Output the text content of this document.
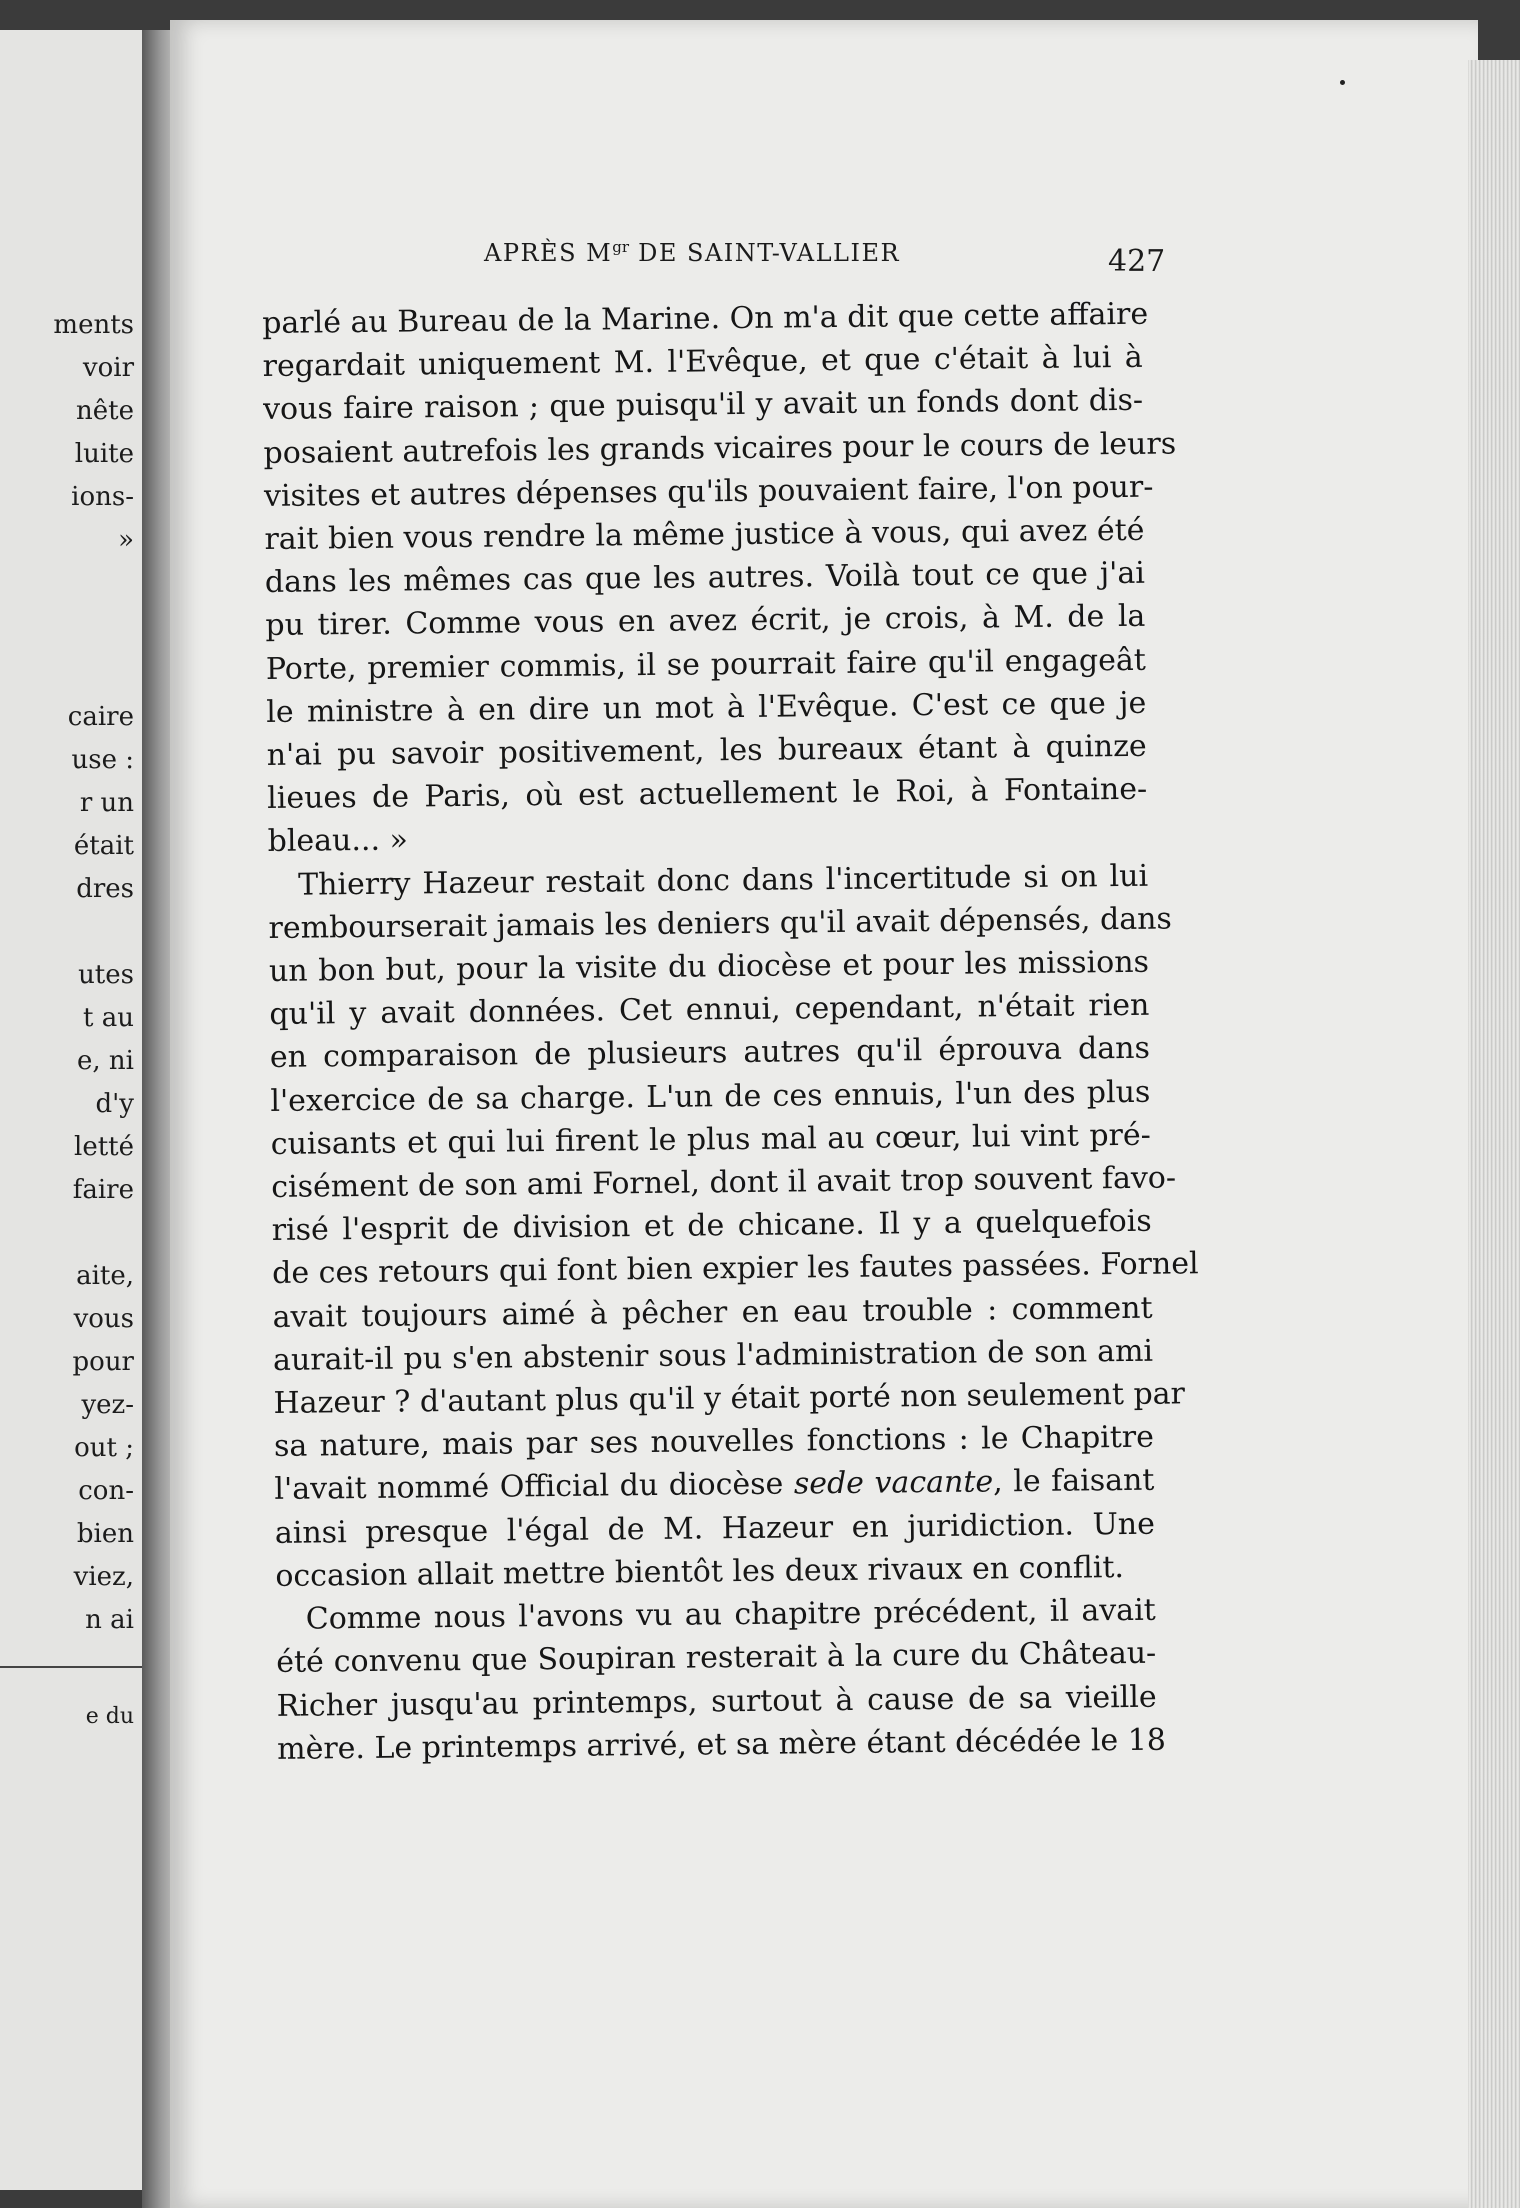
ments
voir
nête
luite
ions-
»
caire
use :
r un
était
dres
utes
t au
e, ni
d'y
letté
faire
aite,
vous
pour
yez-
out ;
con-
bien
viez,
n ai
e du
APRÈS $M^{gr}$ DE SAINT-VALLIER	427
parlé au Bureau de la Marine. On m'a dit que cette affaire
regardait uniquement M. l'Evêque, et que c'était à lui à
vous faire raison ; que puisqu'il y avait un fonds dont dis-
posaient autrefois les grands vicaires pour le cours de leurs
visites et autres dépenses qu'ils pouvaient faire, l'on pour-
rait bien vous rendre la même justice à vous, qui avez été
dans les mêmes cas que les autres. Voilà tout ce que j'ai
pu tirer. Comme vous en avez écrit, je crois, à M. de la
Porte, premier commis, il se pourrait faire qu'il engageât
le ministre à en dire un mot à l'Evêque. C'est ce que je
n'ai pu savoir positivement, les bureaux étant à quinze
lieues de Paris, où est actuellement le Roi, à Fontaine-
bleau... »
Thierry Hazeur restait donc dans l'incertitude si on lui
rembourserait jamais les deniers qu'il avait dépensés, dans
un bon but, pour la visite du diocèse et pour les missions
qu'il y avait données. Cet ennui, cependant, n'était rien
en comparaison de plusieurs autres qu'il éprouva dans
l'exercice de sa charge. L'un de ces ennuis, l'un des plus
cuisants et qui lui firent le plus mal au cœur, lui vint pré-
cisément de son ami Fornel, dont il avait trop souvent favo-
risé l'esprit de division et de chicane. Il y a quelquefois
de ces retours qui font bien expier les fautes passées. Fornel
avait toujours aimé à pêcher en eau trouble : comment
aurait-il pu s'en abstenir sous l'administration de son ami
Hazeur ? d'autant plus qu'il y était porté non seulement par
sa nature, mais par ses nouvelles fonctions : le Chapitre
l'avait nommé Official du diocèse sede vacante, le faisant
ainsi presque l'égal de M. Hazeur en juridiction. Une
occasion allait mettre bientôt les deux rivaux en conflit.
Comme nous l'avons vu au chapitre précédent, il avait
été convenu que Soupiran resterait à la cure du Château-
Richer jusqu'au printemps, surtout à cause de sa vieille
mère. Le printemps arrivé, et sa mère étant décédée le 18
